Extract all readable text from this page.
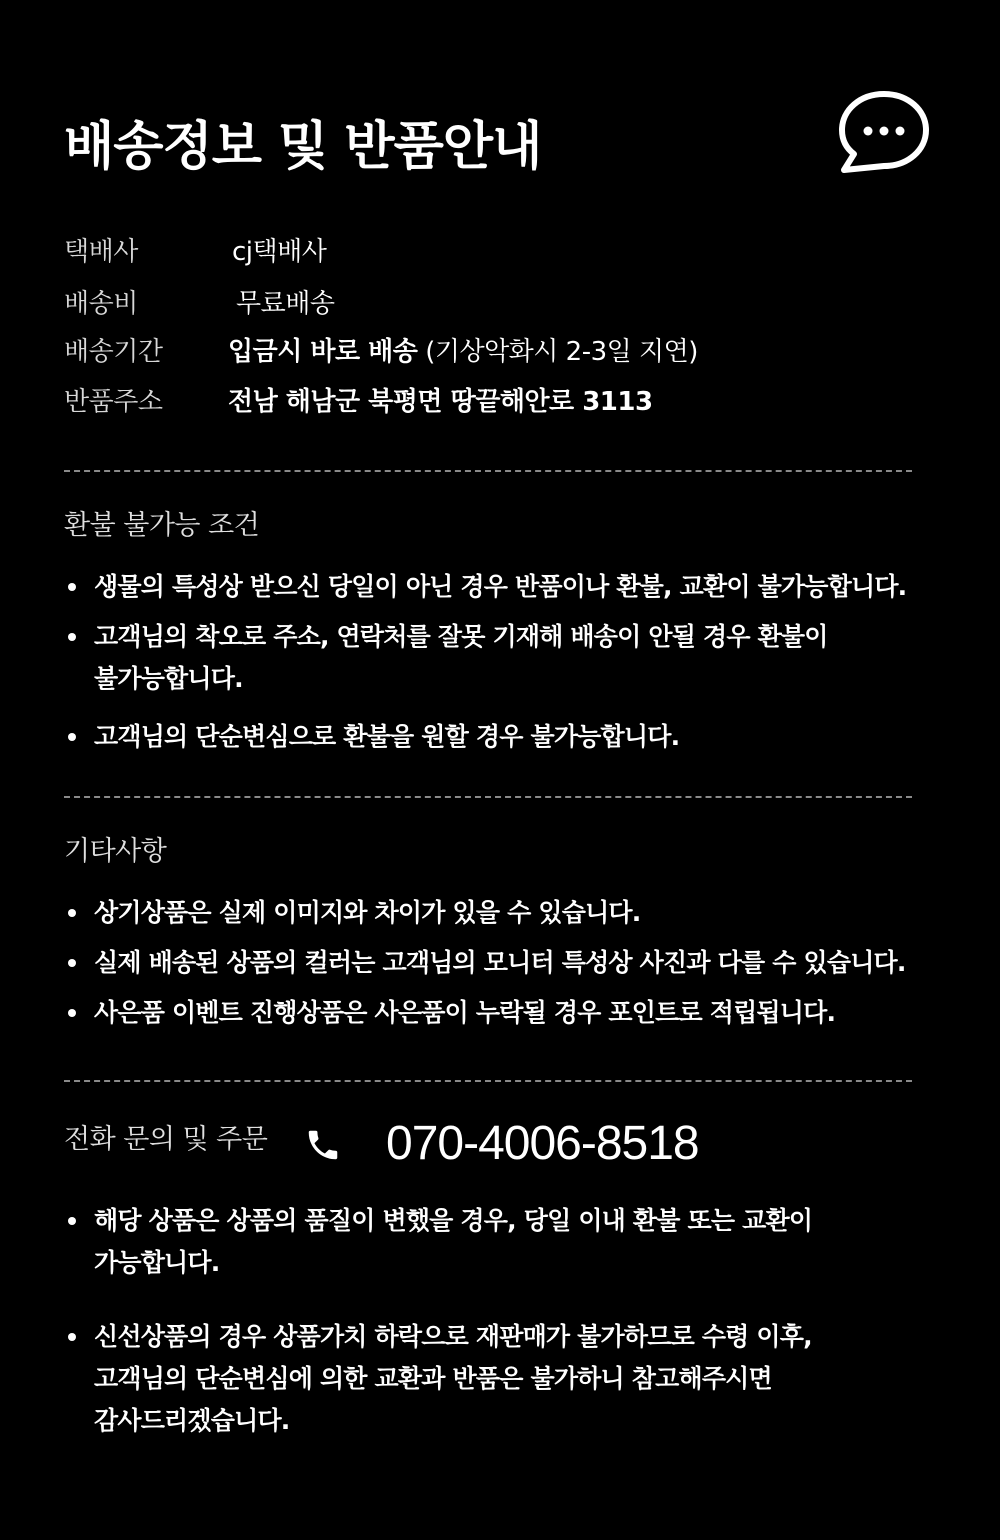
배송정보 및 반품안내
택배사	cj택배사
배송비	무료배송
배송기간	입금시 바로 배송 (기상악화시 2-3일 지연)
반품주소	전남 해남군 북평면 땅끝해안로 3113
환불 불가능 조건
생물의 특성상 받으신 당일이 아닌 경우 반품이나 환불, 교환이 불가능합니다.
고객님의 착오로 주소, 연락처를 잘못 기재해 배송이 안될 경우 환불이
불가능합니다.
고객님의 단순변심으로 환불을 원할 경우 불가능합니다.
기타사항
상기상품은 실제 이미지와 차이가 있을 수 있습니다.
실제 배송된 상품의 컬러는 고객님의 모니터 특성상 사진과 다를 수 있습니다.
사은품 이벤트 진행상품은 사은품이 누락될 경우 포인트로 적립됩니다.
전화 문의 및 주문 070-4006-8518
해당 상품은 상품의 품질이 변했을 경우, 당일 이내 환불 또는 교환이
가능합니다.
신선상품의 경우 상품가치 하락으로 재판매가 불가하므로 수령 이후,
고객님의 단순변심에 의한 교환과 반품은 불가하니 참고해주시면
감사드리겠습니다.
